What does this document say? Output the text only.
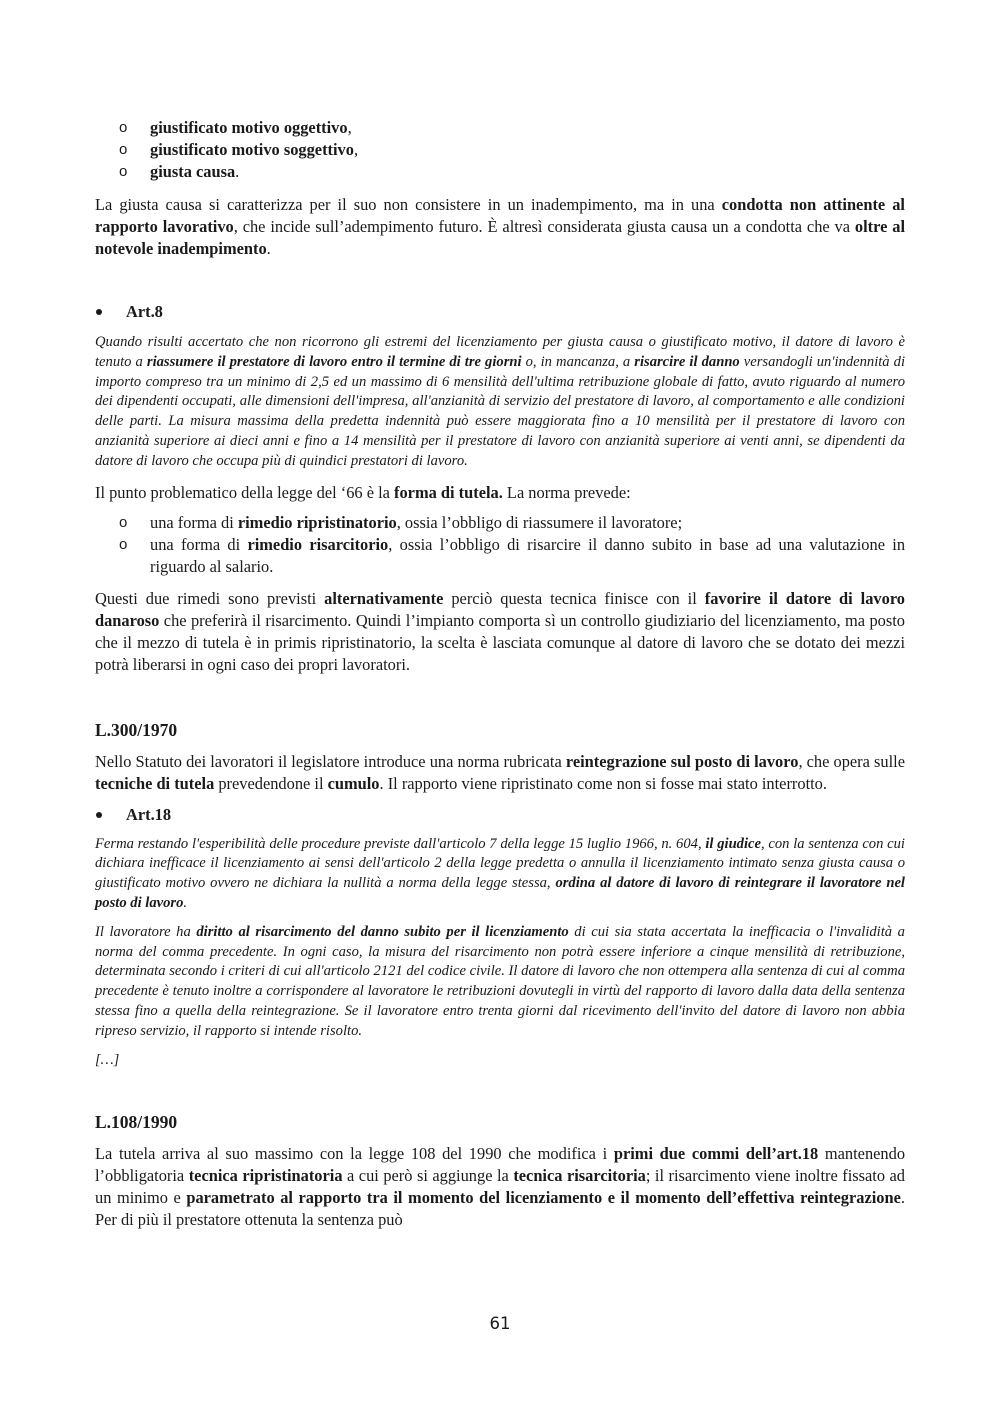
o giustificato motivo oggettivo,
o giustificato motivo soggettivo,
o giusta causa.

La giusta causa si caratterizza per il suo non consistere in un inadempimento, ma in una condotta non attinente al rapporto lavorativo, che incide sull’adempimento futuro. È altresì considerata giusta causa un a condotta che va oltre al notevole inadempimento.

Art.8

Quando risulti accertato che non ricorrono gli estremi del licenziamento per giusta causa o giustificato motivo, il datore di lavoro è tenuto a riassumere il prestatore di lavoro entro il termine di tre giorni o, in mancanza, a risarcire il danno versandogli un'indennità di importo compreso tra un minimo di 2,5 ed un massimo di 6 mensilità dell'ultima retribuzione globale di fatto, avuto riguardo al numero dei dipendenti occupati, alle dimensioni dell'impresa, all'anzianità di servizio del prestatore di lavoro, al comportamento e alle condizioni delle parti. La misura massima della predetta indennità può essere maggiorata fino a 10 mensilità per il prestatore di lavoro con anzianità superiore ai dieci anni e fino a 14 mensilità per il prestatore di lavoro con anzianità superiore ai venti anni, se dipendenti da datore di lavoro che occupa più di quindici prestatori di lavoro.

Il punto problematico della legge del ‘66 è la forma di tutela. La norma prevede:

o una forma di rimedio ripristinatorio, ossia l’obbligo di riassumere il lavoratore;
o una forma di rimedio risarcitorio, ossia l’obbligo di risarcire il danno subito in base ad una valutazione in riguardo al salario.

Questi due rimedi sono previsti alternativamente perciò questa tecnica finisce con il favorire il datore di lavoro danaroso che preferirà il risarcimento. Quindi l’impianto comporta sì un controllo giudiziario del licenziamento, ma posto che il mezzo di tutela è in primis ripristinatorio, la scelta è lasciata comunque al datore di lavoro che se dotato dei mezzi potrà liberarsi in ogni caso dei propri lavoratori.

L.300/1970

Nello Statuto dei lavoratori il legislatore introduce una norma rubricata reintegrazione sul posto di lavoro, che opera sulle tecniche di tutela prevedendone il cumulo. Il rapporto viene ripristinato come non si fosse mai stato interrotto.

Art.18

Ferma restando l'esperibilità delle procedure previste dall'articolo 7 della legge 15 luglio 1966, n. 604, il giudice, con la sentenza con cui dichiara inefficace il licenziamento ai sensi dell'articolo 2 della legge predetta o annulla il licenziamento intimato senza giusta causa o giustificato motivo ovvero ne dichiara la nullità a norma della legge stessa, ordina al datore di lavoro di reintegrare il lavoratore nel posto di lavoro.

Il lavoratore ha diritto al risarcimento del danno subito per il licenziamento di cui sia stata accertata la inefficacia o l'invalidità a norma del comma precedente. In ogni caso, la misura del risarcimento non potrà essere inferiore a cinque mensilità di retribuzione, determinata secondo i criteri di cui all'articolo 2121 del codice civile. Il datore di lavoro che non ottempera alla sentenza di cui al comma precedente è tenuto inoltre a corrispondere al lavoratore le retribuzioni dovutegli in virtù del rapporto di lavoro dalla data della sentenza stessa fino a quella della reintegrazione. Se il lavoratore entro trenta giorni dal ricevimento dell'invito del datore di lavoro non abbia ripreso servizio, il rapporto si intende risolto.

[…]

L.108/1990

La tutela arriva al suo massimo con la legge 108 del 1990 che modifica i primi due commi dell’art.18 mantenendo l’obbligatoria tecnica ripristinatoria a cui però si aggiunge la tecnica risarcitoria; il risarcimento viene inoltre fissato ad un minimo e parametrato al rapporto tra il momento del licenziamento e il momento dell’effettiva reintegrazione. Per di più il prestatore ottenuta la sentenza può

61
